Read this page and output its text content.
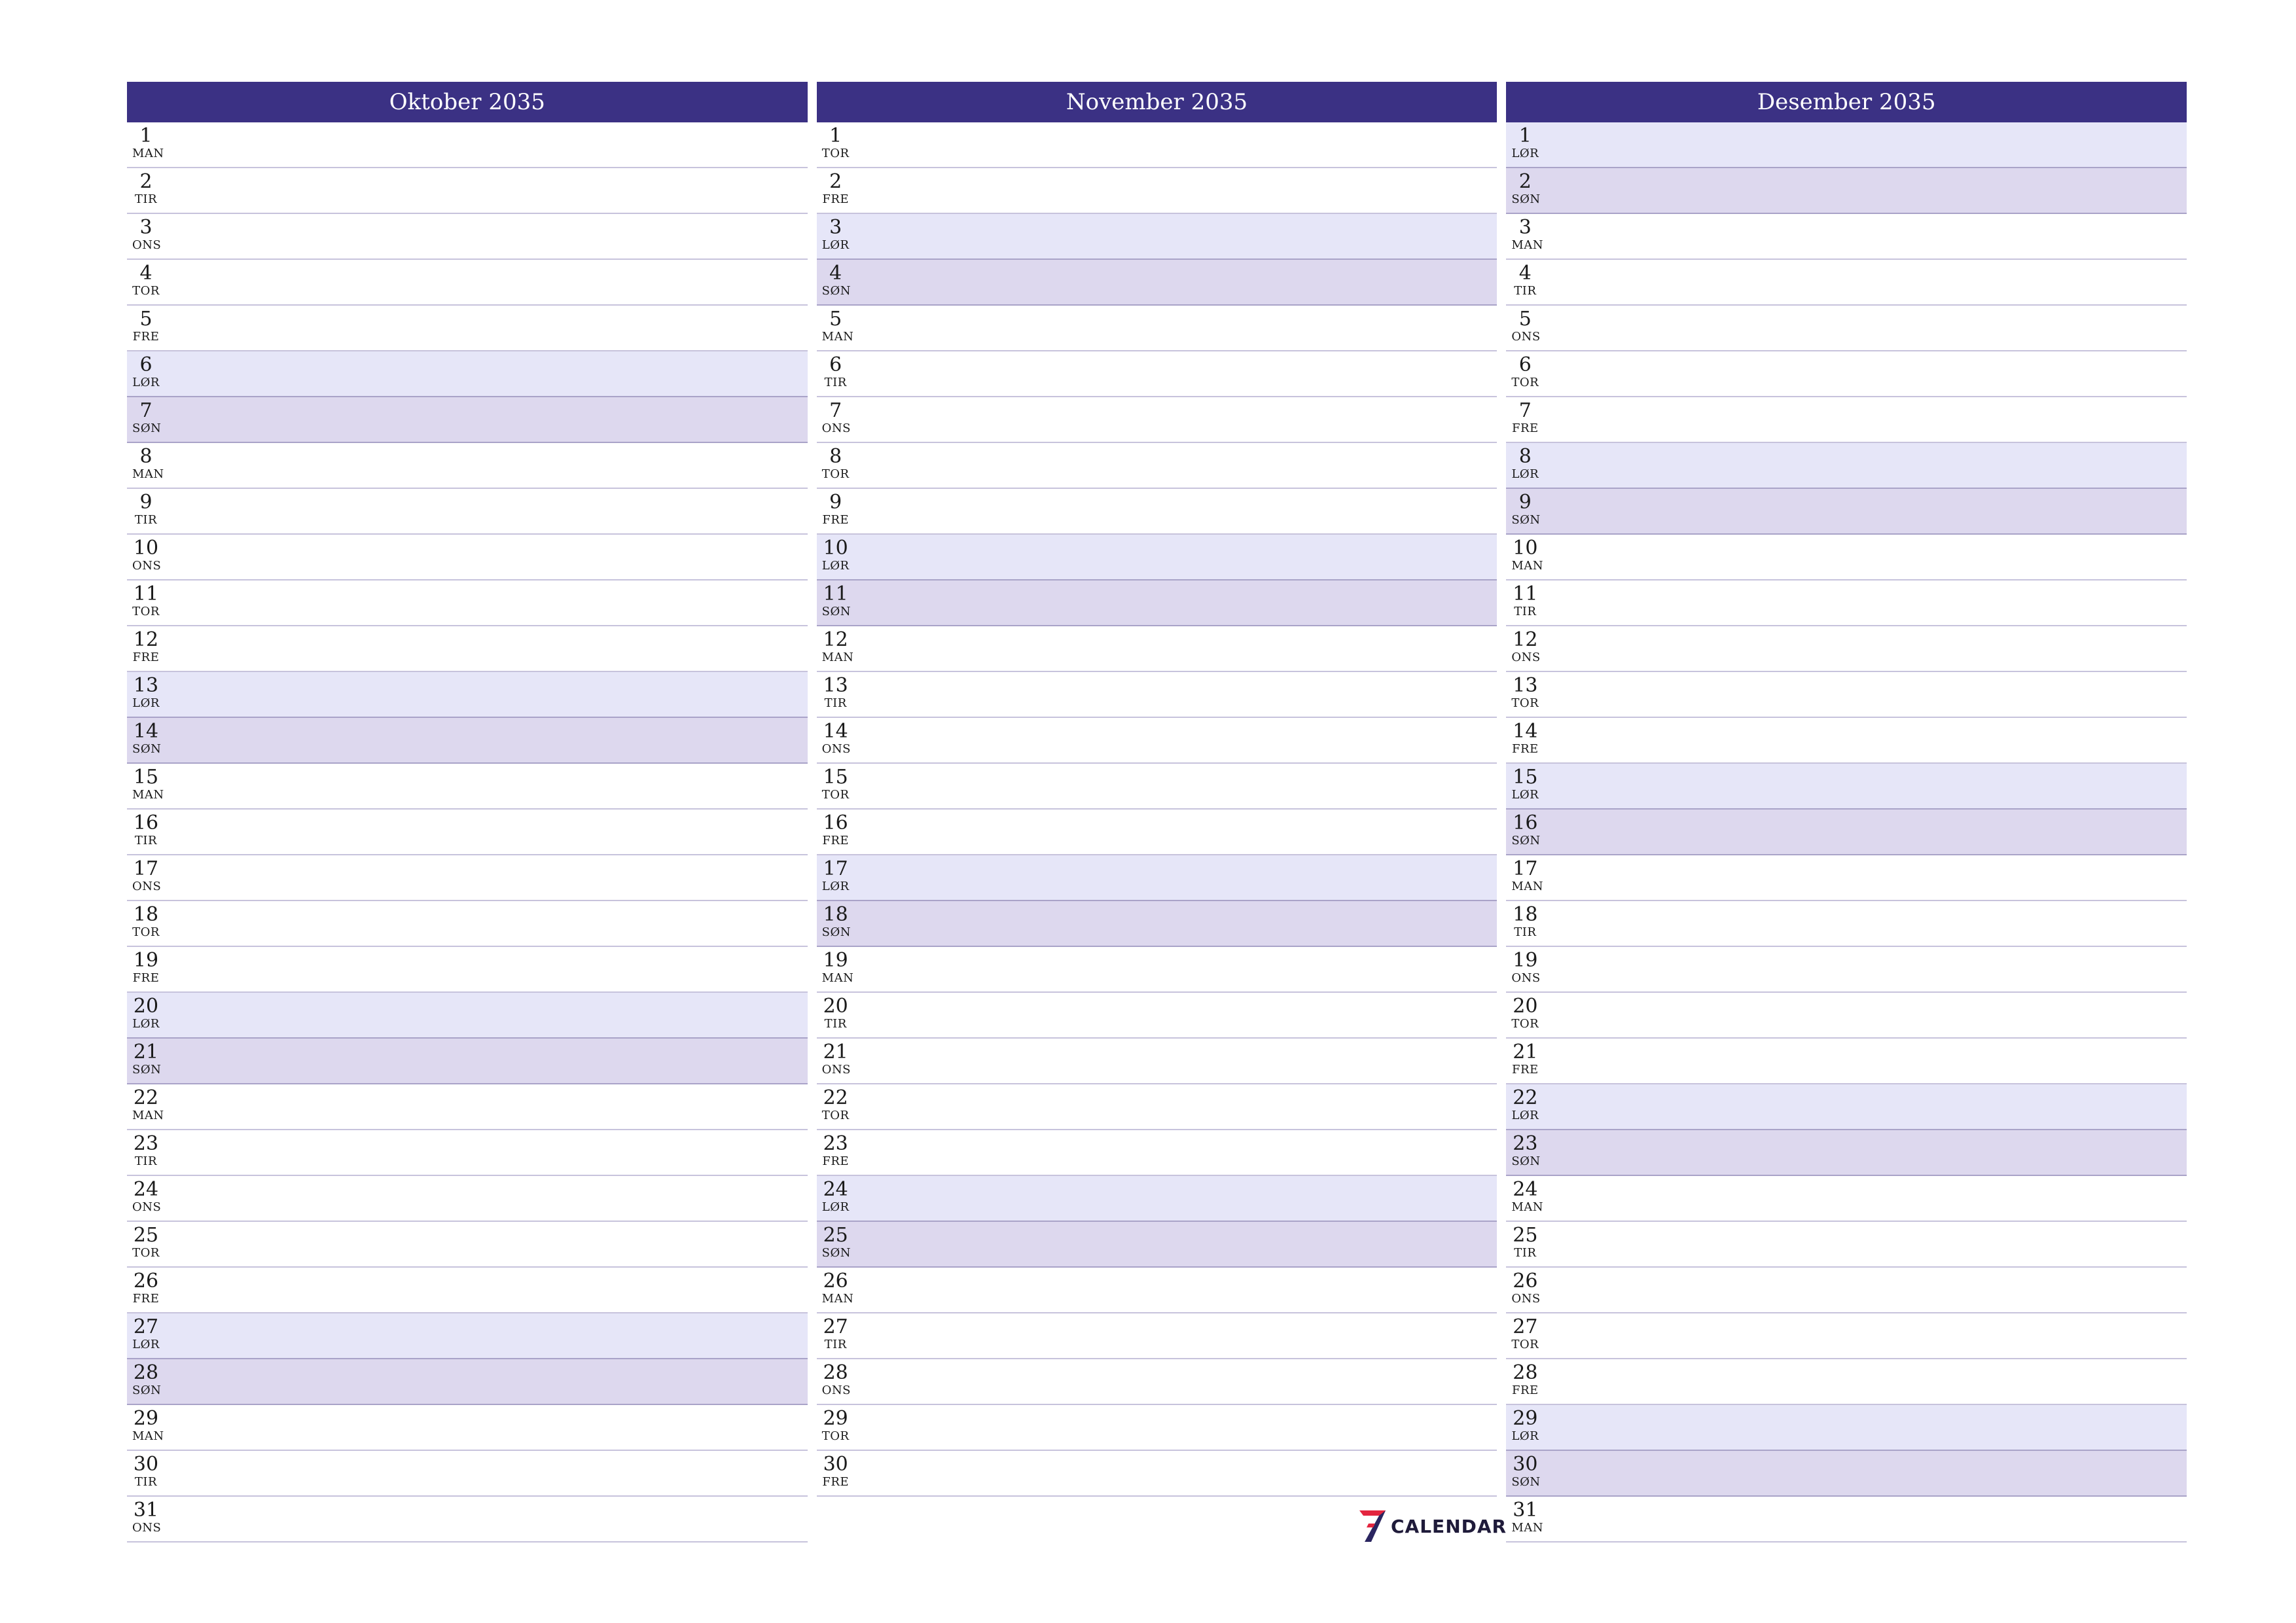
Oktober 2035
1
MAN
2
TIR
3
ONS
4
TOR
5
FRE
6
LØR
7
SØN
8
MAN
9
TIR
10
ONS
11
TOR
12
FRE
13
LØR
14
SØN
15
MAN
16
TIR
17
ONS
18
TOR
19
FRE
20
LØR
21
SØN
22
MAN
23
TIR
24
ONS
25
TOR
26
FRE
27
LØR
28
SØN
29
MAN
30
TIR
31
ONS
November 2035
1
TOR
2
FRE
3
LØR
4
SØN
5
MAN
6
TIR
7
ONS
8
TOR
9
FRE
10
LØR
11
SØN
12
MAN
13
TIR
14
ONS
15
TOR
16
FRE
17
LØR
18
SØN
19
MAN
20
TIR
21
ONS
22
TOR
23
FRE
24
LØR
25
SØN
26
MAN
27
TIR
28
ONS
29
TOR
30
FRE
Desember 2035
1
LØR
2
SØN
3
MAN
4
TIR
5
ONS
6
TOR
7
FRE
8
LØR
9
SØN
10
MAN
11
TIR
12
ONS
13
TOR
14
FRE
15
LØR
16
SØN
17
MAN
18
TIR
19
ONS
20
TOR
21
FRE
22
LØR
23
SØN
24
MAN
25
TIR
26
ONS
27
TOR
28
FRE
29
LØR
30
SØN
31
MAN
CALENDAR
